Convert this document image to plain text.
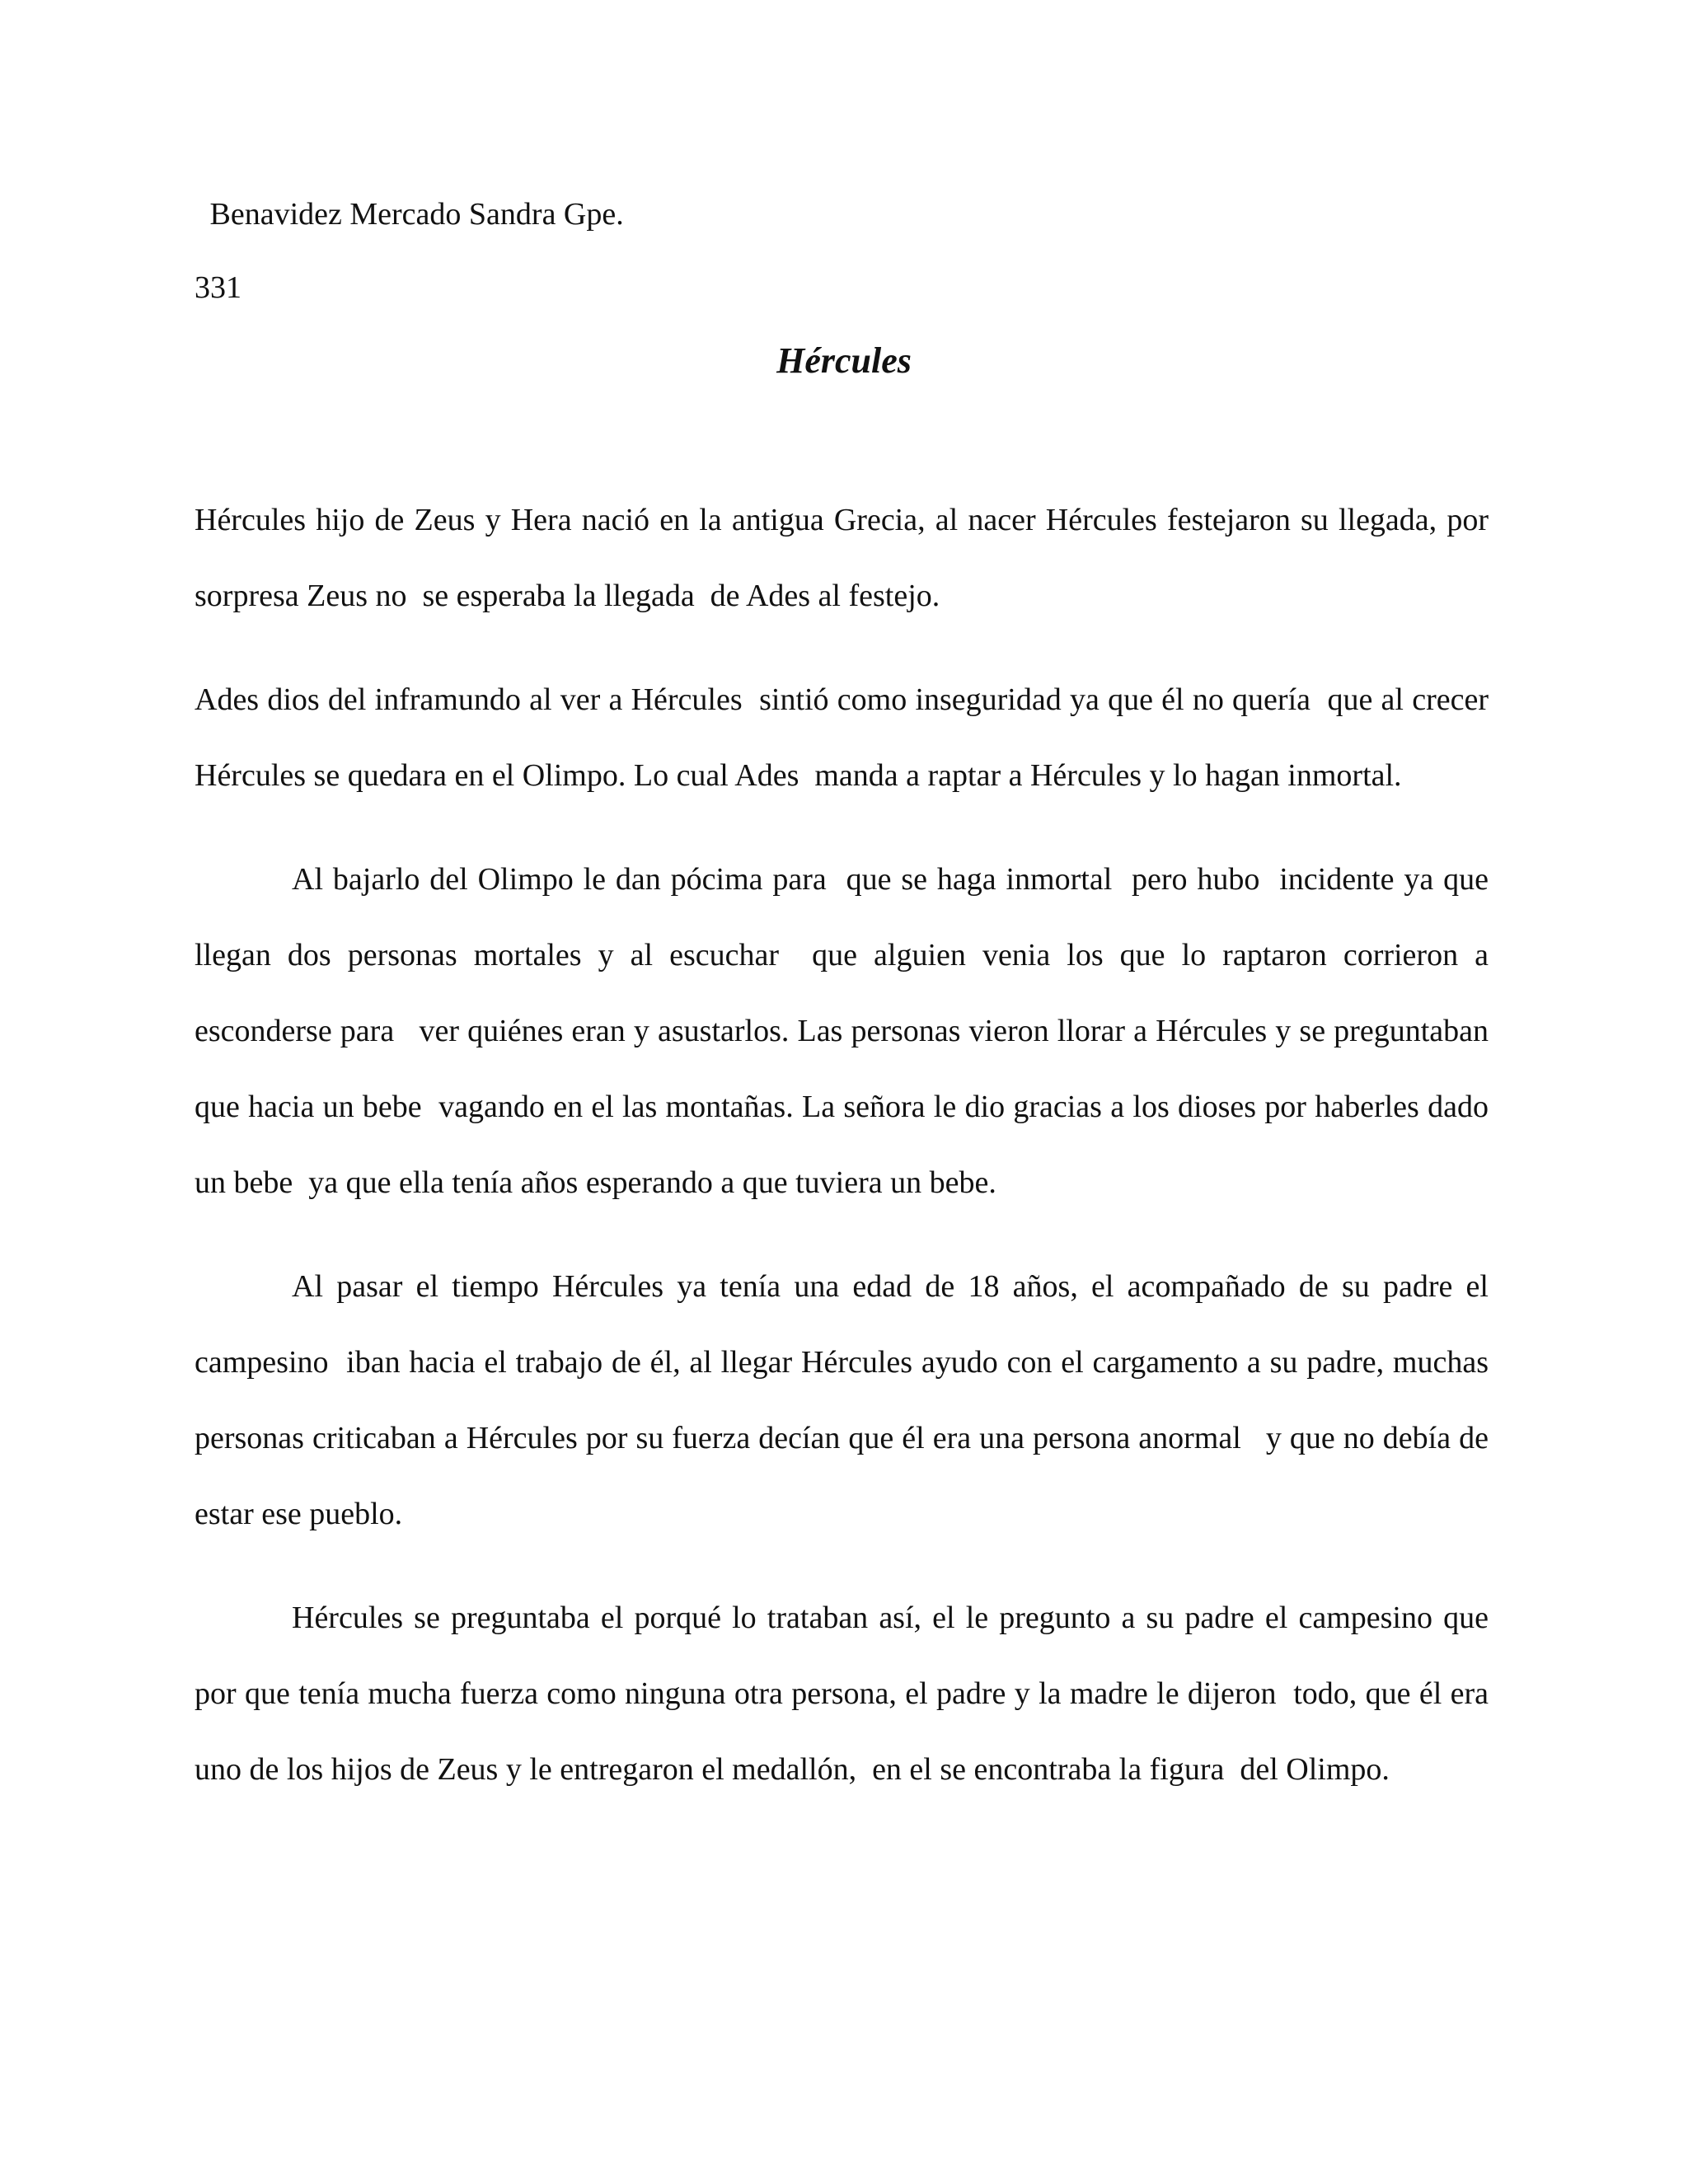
Benavidez Mercado Sandra Gpe.
331
Hércules

Hércules hijo de Zeus y Hera nació en la antigua Grecia, al nacer Hércules festejaron su llegada, por sorpresa Zeus no  se esperaba la llegada  de Ades al festejo.

Ades dios del inframundo al ver a Hércules  sintió como inseguridad ya que él no quería  que al crecer Hércules se quedara en el Olimpo. Lo cual Ades  manda a raptar a Hércules y lo hagan inmortal.

Al bajarlo del Olimpo le dan pócima para  que se haga inmortal  pero hubo  incidente ya que llegan dos personas mortales y al escuchar  que alguien venia los que lo raptaron corrieron a esconderse para   ver quiénes eran y asustarlos. Las personas vieron llorar a Hércules y se preguntaban que hacia un bebe  vagando en el las montañas. La señora le dio gracias a los dioses por haberles dado un bebe  ya que ella tenía años esperando a que tuviera un bebe.

Al pasar el tiempo Hércules ya tenía una edad de 18 años, el acompañado de su padre el campesino  iban hacia el trabajo de él, al llegar Hércules ayudo con el cargamento a su padre, muchas personas criticaban a Hércules por su fuerza decían que él era una persona anormal   y que no debía de estar ese pueblo.

Hércules se preguntaba el porqué lo trataban así, el le pregunto a su padre el campesino que por que tenía mucha fuerza como ninguna otra persona, el padre y la madre le dijeron  todo, que él era uno de los hijos de Zeus y le entregaron el medallón,  en el se encontraba la figura  del Olimpo.
